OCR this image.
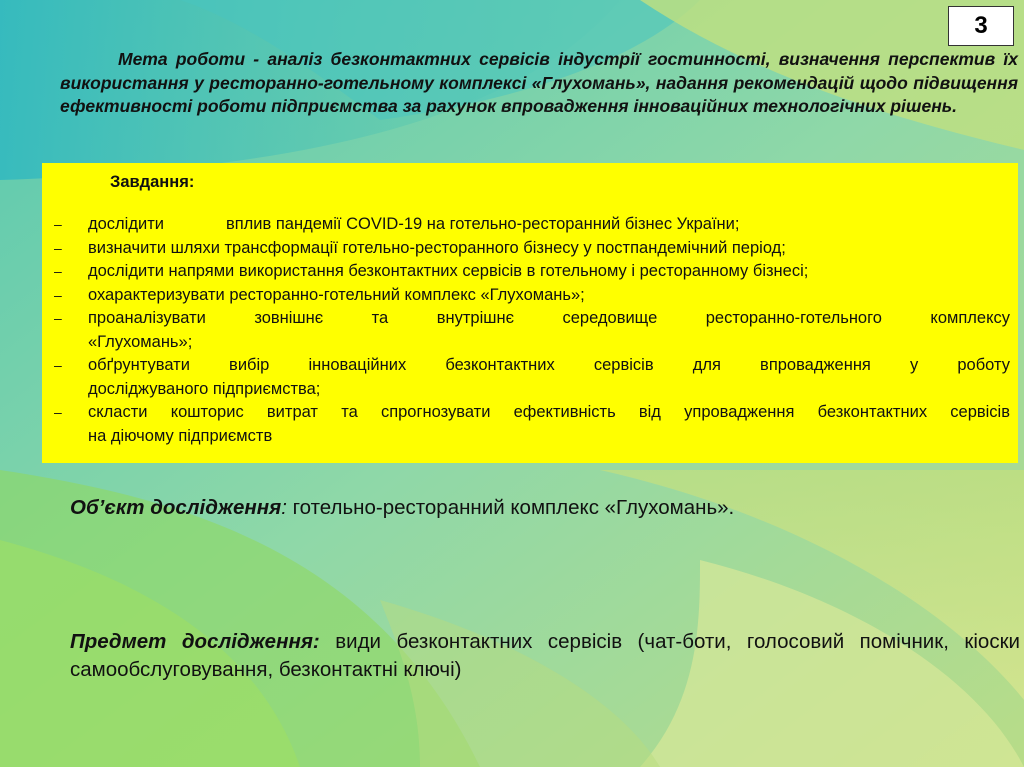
3
Мета роботи - аналіз безконтактних сервісів індустрії гостинності, визначення перспектив їх використання у ресторанно-готельному комплексі «Глухомань», надання рекомендацій щодо підвищення ефективності роботи підприємства за рахунок впровадження інноваційних технологічних рішень.
Завдання:
– дослідити	вплив пандемії COVID-19 на готельно-ресторанний бізнес України;
– визначити шляхи трансформації готельно-ресторанного бізнесу у постпандемічний період;
– дослідити напрями використання безконтактних сервісів в готельному і ресторанному бізнесі;
– охарактеризувати ресторанно-готельний комплекс «Глухомань»;
– проаналізувати зовнішнє та внутрішнє середовище ресторанно-готельного комплексу
«Глухомань»;
– обґрунтувати вибір інноваційних безконтактних сервісів для впровадження у роботу
досліджуваного підприємства;
– скласти кошторис витрат та спрогнозувати ефективність від упровадження безконтактних сервісів
на діючому підприємств
Об’єкт дослідження: готельно-ресторанний комплекс «Глухомань».
Предмет дослідження: види безконтактних сервісів (чат-боти, голосовий помічник, кіоски самообслуговування, безконтактні ключі)
